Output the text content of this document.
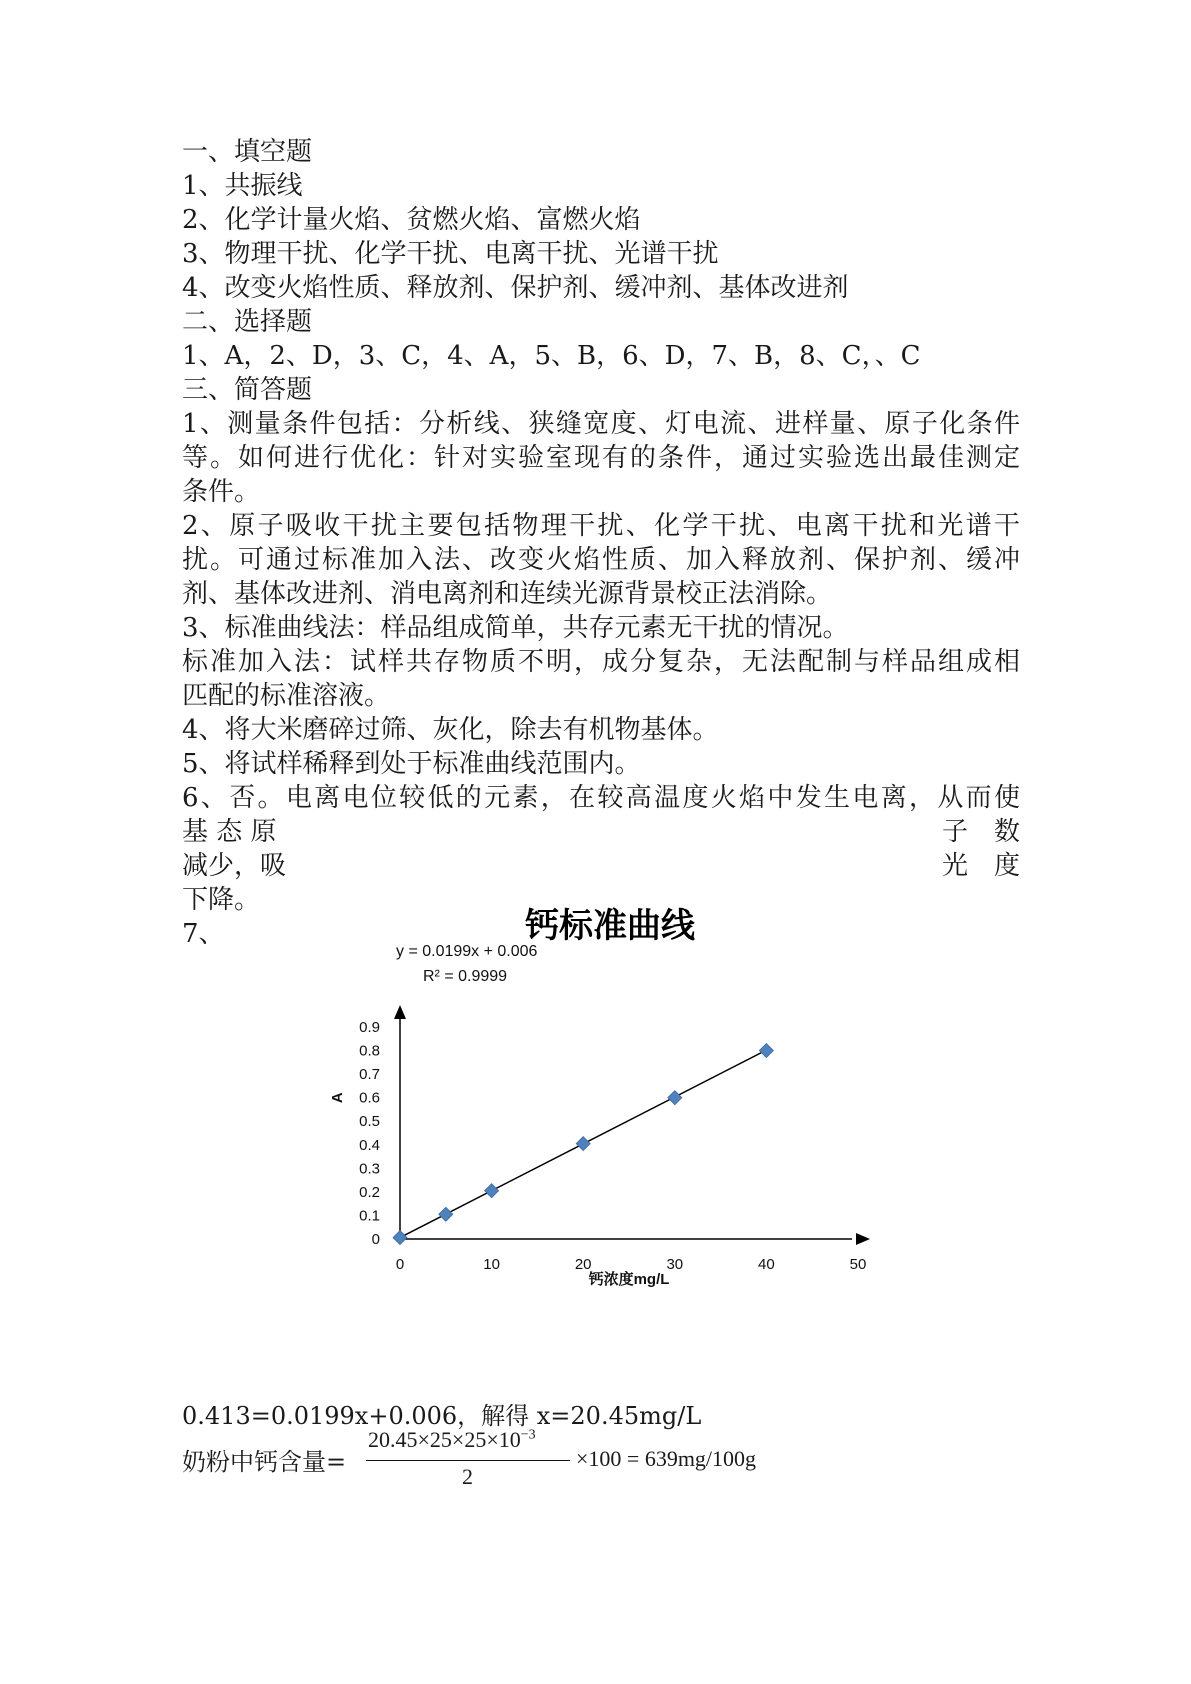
一、填空题
1、共振线
2、化学计量火焰、贫燃火焰、富燃火焰
3、物理干扰、化学干扰、电离干扰、光谱干扰
4、改变火焰性质、释放剂、保护剂、缓冲剂、基体改进剂
二、选择题
1、A，2、D，3、C，4、A，5、B，6、D，7、B，8、C，、C
三、简答题
1、测量条件包括：分析线、狭缝宽度、灯电流、进样量、原子化条件
等。如何进行优化：针对实验室现有的条件，通过实验选出最佳测定
条件。
2、原子吸收干扰主要包括物理干扰、化学干扰、电离干扰和光谱干
扰。可通过标准加入法、改变火焰性质、加入释放剂、保护剂、缓冲
剂、基体改进剂、消电离剂和连续光源背景校正法消除。
3、标准曲线法：样品组成简单，共存元素无干扰的情况。
标准加入法：试样共存物质不明，成分复杂，无法配制与样品组成相
匹配的标准溶液。
4、将大米磨碎过筛、灰化，除去有机物基体。
5、将试样稀释到处于标准曲线范围内。
6、否。电离电位较低的元素，在较高温度火焰中发生电离，从而使
基 态 原	子　数
减少，吸	光　度
下降。
7、	钙标准曲线
A
钙浓度mg/L
0	10	20	30	40	50
0
0.1
0.2
0.3
0.4
0.5
0.6
0.7
0.8
0.9
y = 0.0199x + 0.006
R² = 0.9999
0.413=0.0199x+0.006，解得 x=20.45mg/L
奶粉中钙含量=
$20.45\times 25\times 25\times 10^{-3}$
2
×100 = 639mg/100g
